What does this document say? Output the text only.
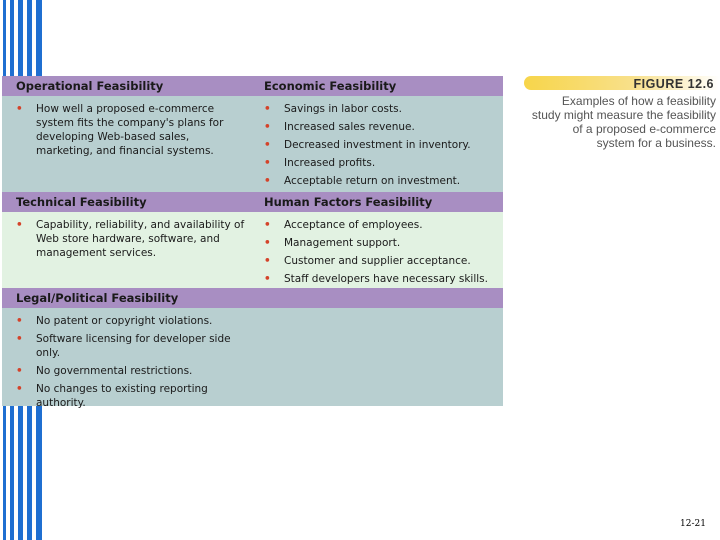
Operational Feasibility	Economic Feasibility
• How well a proposed e-commerce system fits the company's plans for developing Web-based sales, marketing, and financial systems.
• Savings in labor costs.
• Increased sales revenue.
• Decreased investment in inventory.
• Increased profits.
• Acceptable return on investment.
Technical Feasibility	Human Factors Feasibility
• Capability, reliability, and availability of Web store hardware, software, and management services.
• Acceptance of employees.
• Management support.
• Customer and supplier acceptance.
• Staff developers have necessary skills.
Legal/Political Feasibility
• No patent or copyright violations.
• Software licensing for developer side only.
• No governmental restrictions.
• No changes to existing reporting authority.
FIGURE 12.6
Examples of how a feasibility
study might measure the feasibility
of a proposed e-commerce
system for a business.
12-21
